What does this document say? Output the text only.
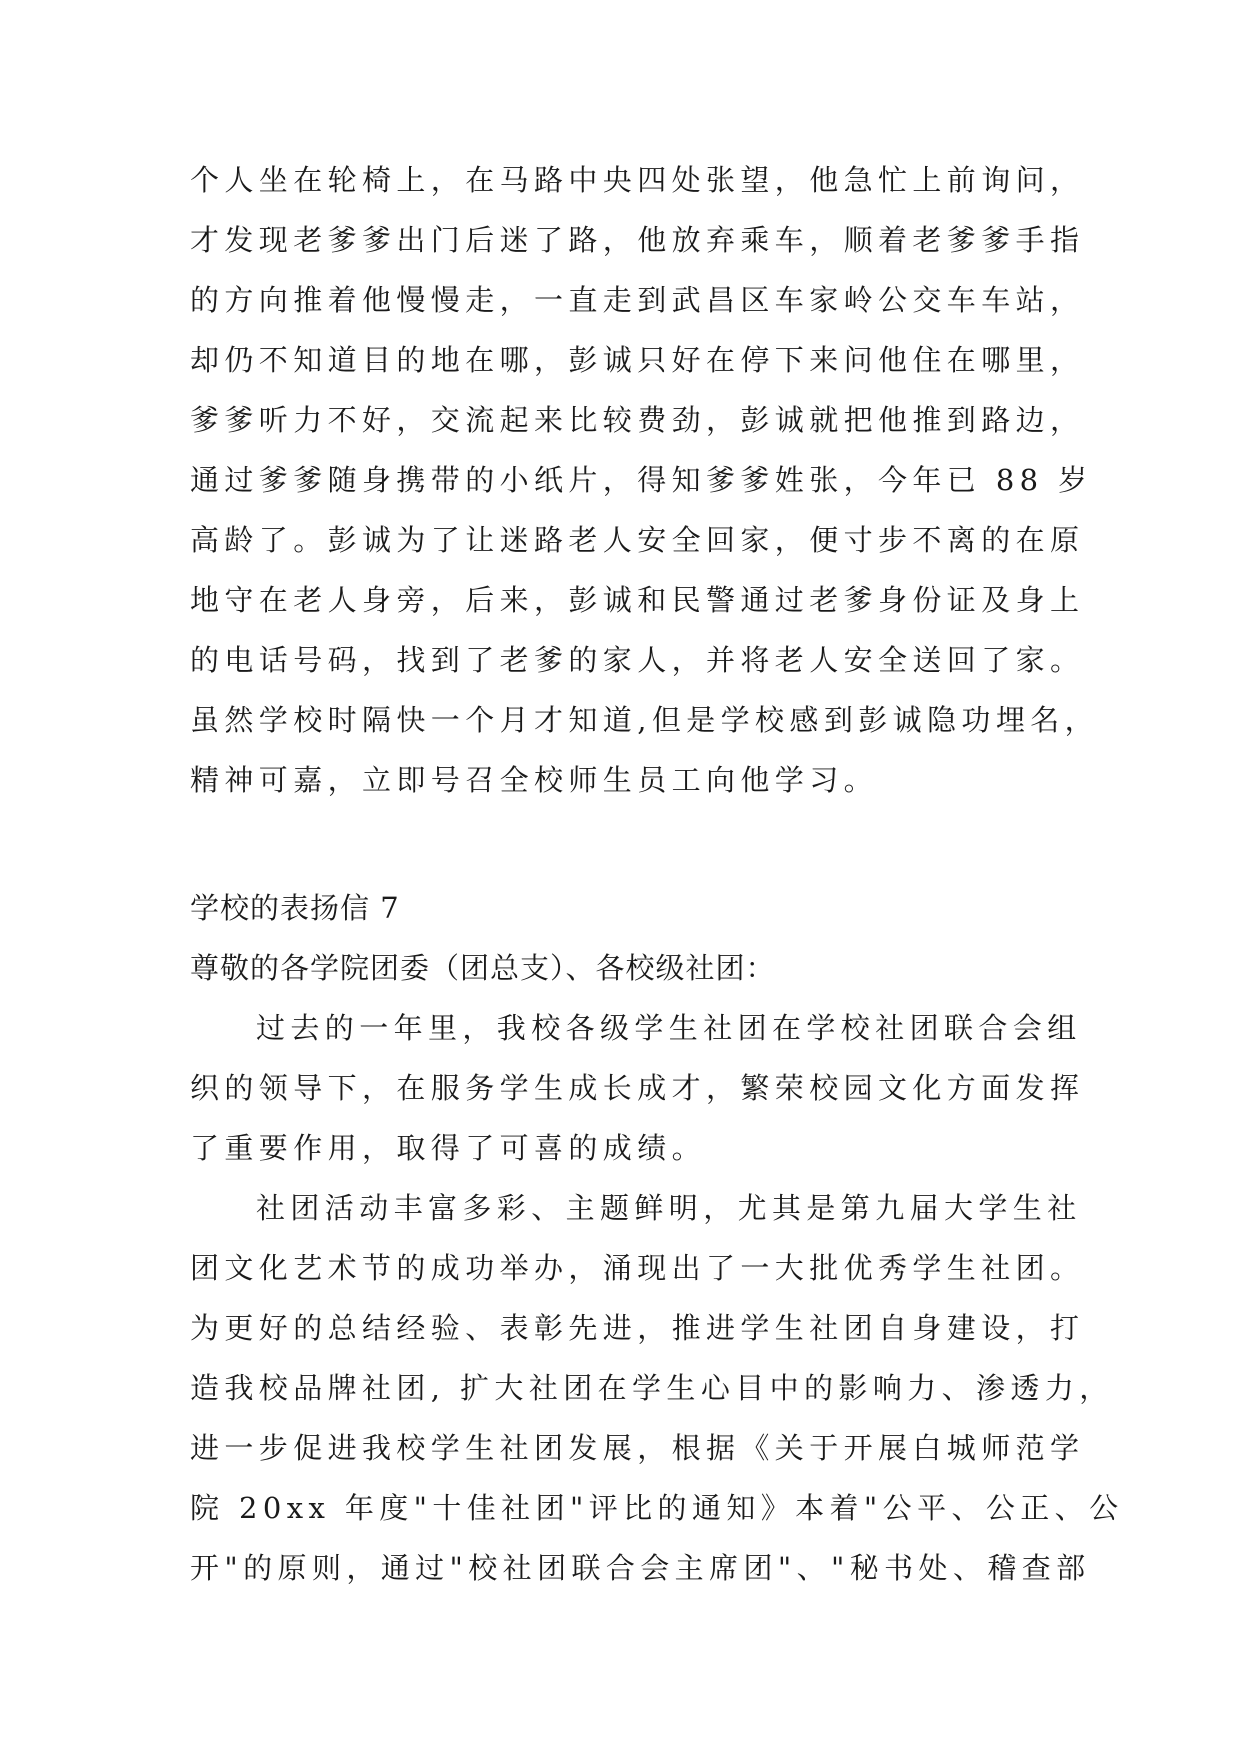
个人坐在轮椅上，在马路中央四处张望，他急忙上前询问，
才发现老爹爹出门后迷了路，他放弃乘车，顺着老爹爹手指
的方向推着他慢慢走，一直走到武昌区车家岭公交车车站，
却仍不知道目的地在哪，彭诚只好在停下来问他住在哪里，
爹爹听力不好，交流起来比较费劲，彭诚就把他推到路边，
通过爹爹随身携带的小纸片，得知爹爹姓张，今年已 88 岁
高龄了。彭诚为了让迷路老人安全回家，便寸步不离的在原
地守在老人身旁，后来，彭诚和民警通过老爹身份证及身上
的电话号码，找到了老爹的家人，并将老人安全送回了家。
虽然学校时隔快一个月才知道,但是学校感到彭诚隐功埋名，
精神可嘉，立即号召全校师生员工向他学习。
学校的表扬信 7
尊敬的各学院团委（团总支）、各校级社团：
过去的一年里，我校各级学生社团在学校社团联合会组
织的领导下，在服务学生成长成才，繁荣校园文化方面发挥
了重要作用，取得了可喜的成绩。
社团活动丰富多彩、主题鲜明，尤其是第九届大学生社
团文化艺术节的成功举办，涌现出了一大批优秀学生社团。
为更好的总结经验、表彰先进，推进学生社团自身建设，打
造我校品牌社团, 扩大社团在学生心目中的影响力、渗透力，
进一步促进我校学生社团发展，根据《关于开展白城师范学
院 20xx 年度"十佳社团"评比的通知》本着"公平、公正、公
开"的原则，通过"校社团联合会主席团"、"秘书处、稽查部
